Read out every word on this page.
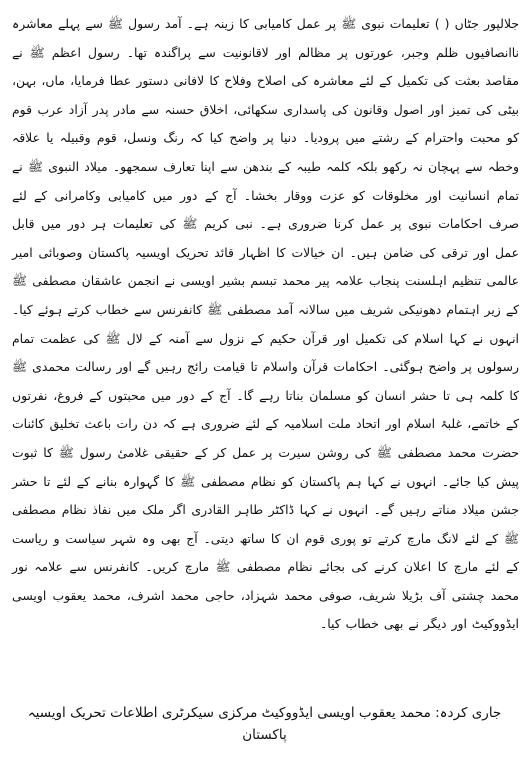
جلالپور جٹاں ( ) تعلیمات نبوی ﷺ پر عمل کامیابی کا زینہ ہے۔ آمد رسول ﷺ سے پہلے معاشرہ ناانصافیوں ظلم وجبر، عورتوں پر مظالم اور لاقانونیت سے پراگندہ تھا۔ رسول اعظم ﷺ نے مقاصد بعثت کی تکمیل کے لئے معاشرہ کی اصلاح وفلاح کا لافانی دستور عطا فرمایا، ماں، بہن، بیٹی کی تمیز اور اصول وقانون کی پاسداری سکھائی، اخلاق حسنہ سے مادر پدر آزاد عرب قوم کو محبت واحترام کے رشتے میں پرودیا۔ دنیا پر واضح کیا کہ رنگ ونسل، قوم وقبیلہ یا علاقہ وخطہ سے پہچان نہ رکھو بلکہ کلمہ طیبہ کے بندھن سے اپنا تعارف سمجھو۔ میلاد النبوی ﷺ نے تمام انسانیت اور مخلوقات کو عزت ووقار بخشا۔ آج کے دور میں کامیابی وکامرانی کے لئے صرف احکامات نبوی پر عمل کرنا ضروری ہے۔ نبی کریم ﷺ کی تعلیمات ہر دور میں قابل عمل اور ترقی کی ضامن ہیں۔ ان خیالات کا اظہار قائد تحریک اویسیہ پاکستان وصوبائی امیر عالمی تنظیم اہلسنت پنجاب علامہ پیر محمد تبسم بشیر اویسی نے انجمن عاشقان مصطفی ﷺ کے زیر اہتمام دھونیکی شریف میں سالانہ آمد مصطفی ﷺ کانفرنس سے خطاب کرتے ہوئے کیا۔ انہوں نے کہا اسلام کی تکمیل اور قرآن حکیم کے نزول سے آمنہ کے لال ﷺ کی عظمت تمام رسولوں پر واضح ہوگئی۔ احکامات قرآن واسلام تا قیامت رائج رہیں گے اور رسالت محمدی ﷺ کا کلمہ ہی تا حشر انسان کو مسلمان بناتا رہے گا۔ آج کے دور میں محبتوں کے فروغ، نفرتوں کے خاتمے، غلبۂ اسلام اور اتحاد ملت اسلامیہ کے لئے ضروری ہے کہ دن رات باعث تخلیق کائنات حضرت محمد مصطفی ﷺ کی روشن سیرت پر عمل کر کے حقیقی غلامیٔ رسول ﷺ کا ثبوت پیش کیا جائے۔ انہوں نے کہا ہم پاکستان کو نظام مصطفی ﷺ کا گہوارہ بنانے کے لئے تا حشر جشن میلاد مناتے رہیں گے۔ انہوں نے کہا ڈاکٹر طاہر القادری اگر ملک میں نفاذ نظام مصطفی ﷺ کے لئے لانگ مارچ کرتے تو پوری قوم ان کا ساتھ دیتی۔ آج بھی وہ شہر سیاست و ریاست کے لئے مارچ کا اعلان کرنے کی بجائے نظام مصطفی ﷺ مارچ کریں۔ کانفرنس سے علامہ نور محمد چشتی آف بڑیلا شریف، صوفی محمد شہزاد، حاجی محمد اشرف، محمد یعقوب اویسی ایڈووکیٹ اور دیگر نے بھی خطاب کیا۔

جاری کردہ: محمد یعقوب اویسی ایڈووکیٹ مرکزی سیکرٹری اطلاعات تحریک اویسیہ پاکستان
